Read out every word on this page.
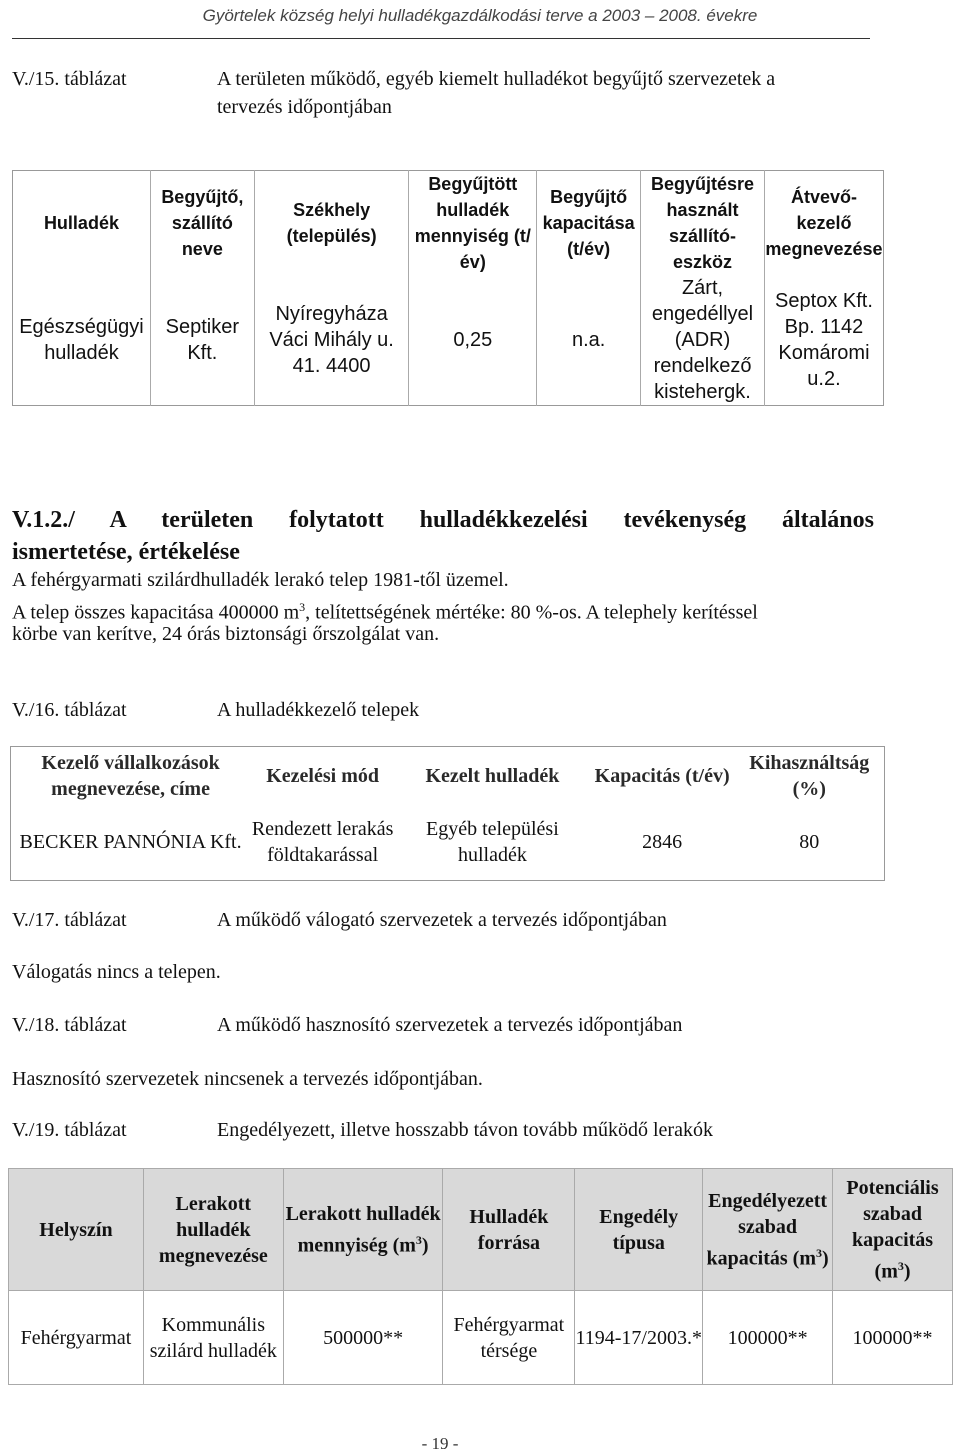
Györtelek község helyi hulladékgazdálkodási terve a 2003 – 2008. évekre
V./15. táblázat	A területen működő, egyéb kiemelt hulladékot begyűjtő szervezetek a
tervezés időpontjában
Hulladék	Begyűjtő, szállító neve	Székhely (település)	Begyűjtött hulladék mennyiség (t/év)	Begyűjtő kapacitása (t/év)	Begyűjtésre használt szállító-eszköz	Átvevő-kezelő megnevezése
Egészségügyi hulladék	Septiker Kft.	Nyíregyháza Váci Mihály u. 41. 4400	0,25	n.a.	Zárt, engedéllyel (ADR) rendelkező kistehergk.	Septox Kft. Bp. 1142 Komáromi u.2.
V.1.2./ A területen folytatott hulladékkezelési tevékenység általános
ismertetése, értékelése
A fehérgyarmati szilárdhulladék lerakó telep 1981-től üzemel.
A telep összes kapacitása 400000 $m^3$, telítettségének mértéke: 80 %-os. A telephely kerítéssel
körbe van kerítve, 24 órás biztonsági őrszolgálat van.
V./16. táblázat	A hulladékkezelő telepek
Kezelő vállalkozások megnevezése, címe	Kezelési mód	Kezelt hulladék	Kapacitás (t/év)	Kihasználtság (%)
BECKER PANNÓNIA Kft.	Rendezett lerakás földtakarással	Egyéb települési hulladék	2846	80
V./17. táblázat	A működő válogató szervezetek a tervezés időpontjában
Válogatás nincs a telepen.
V./18. táblázat	A működő hasznosító szervezetek a tervezés időpontjában
Hasznosító szervezetek nincsenek a tervezés időpontjában.
V./19. táblázat	Engedélyezett, illetve hosszabb távon tovább működő lerakók
Helyszín	Lerakott hulladék megnevezése	Lerakott hulladék mennyiség $(m^3)$	Hulladék forrása	Engedély típusa	Engedélyezett szabad kapacitás $(m^3)$	Potenciális szabad kapacitás $(m^3)$
Fehérgyarmat	Kommunális szilárd hulladék	500000**	Fehérgyarmat térsége	1194-17/2003.*	100000**	100000**
- 19 -
